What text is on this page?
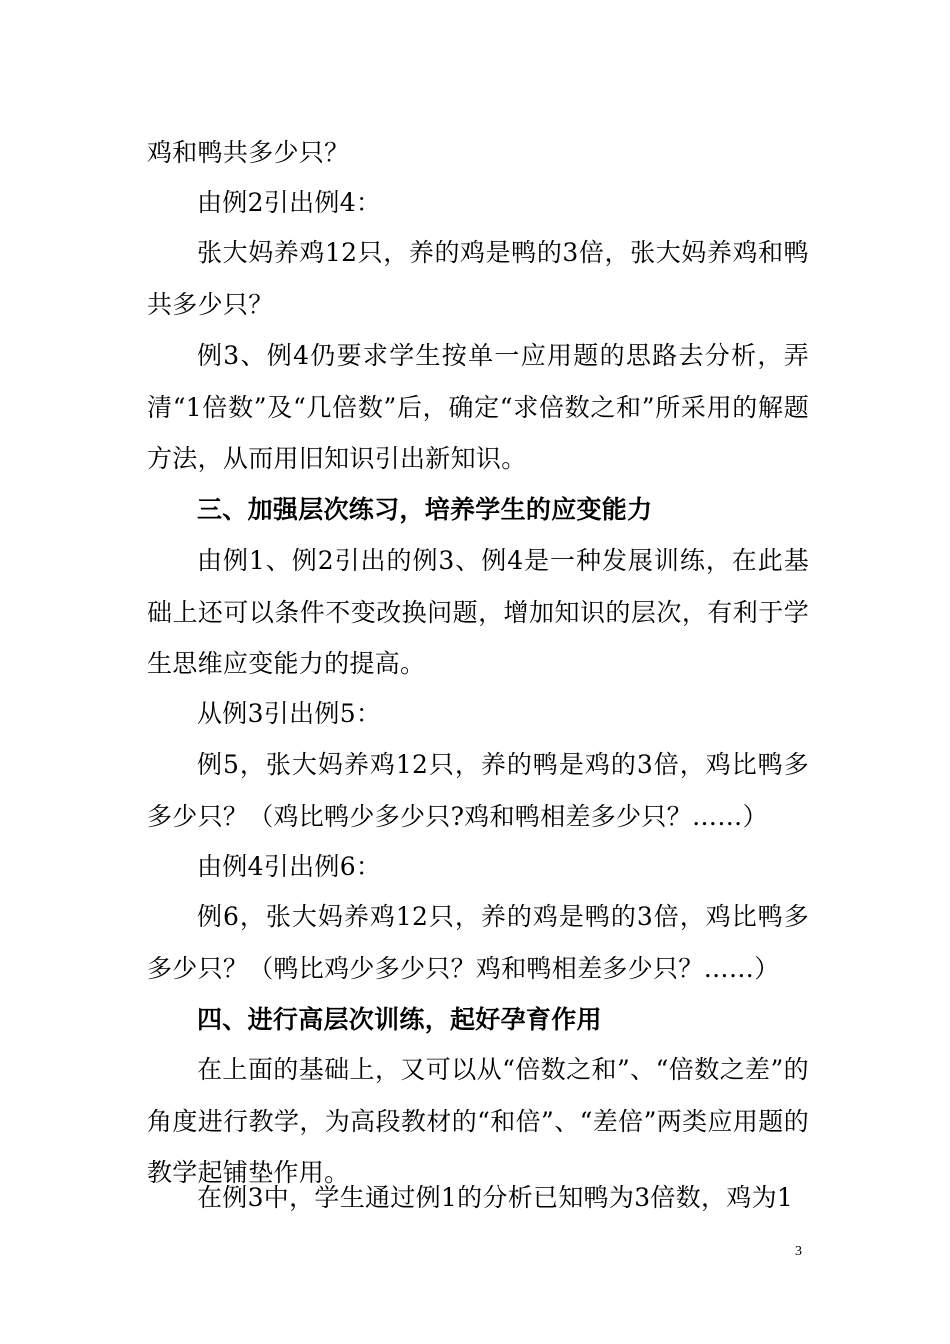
鸡和鸭共多少只？

由例2引出例4：

张大妈养鸡12只，养的鸡是鸭的3倍，张大妈养鸡和鸭共多少只？

例3、例4仍要求学生按单一应用题的思路去分析，弄清“1倍数”及“几倍数”后，确定“求倍数之和”所采用的解题方法，从而用旧知识引出新知识。

三、加强层次练习，培养学生的应变能力

由例1、例2引出的例3、例4是一种发展训练，在此基础上还可以条件不变改换问题，增加知识的层次，有利于学生思维应变能力的提高。

从例3引出例5：

例5，张大妈养鸡12只，养的鸭是鸡的3倍，鸡比鸭多多少只？（鸡比鸭少多少只?鸡和鸭相差多少只？……）

由例4引出例6：

例6，张大妈养鸡12只，养的鸡是鸭的3倍，鸡比鸭多多少只？（鸭比鸡少多少只？鸡和鸭相差多少只？……）

四、进行高层次训练，起好孕育作用

在上面的基础上，又可以从“倍数之和”、“倍数之差”的角度进行教学，为高段教材的“和倍”、“差倍”两类应用题的教学起铺垫作用。

在例3中，学生通过例1的分析已知鸭为3倍数，鸡为1

3
